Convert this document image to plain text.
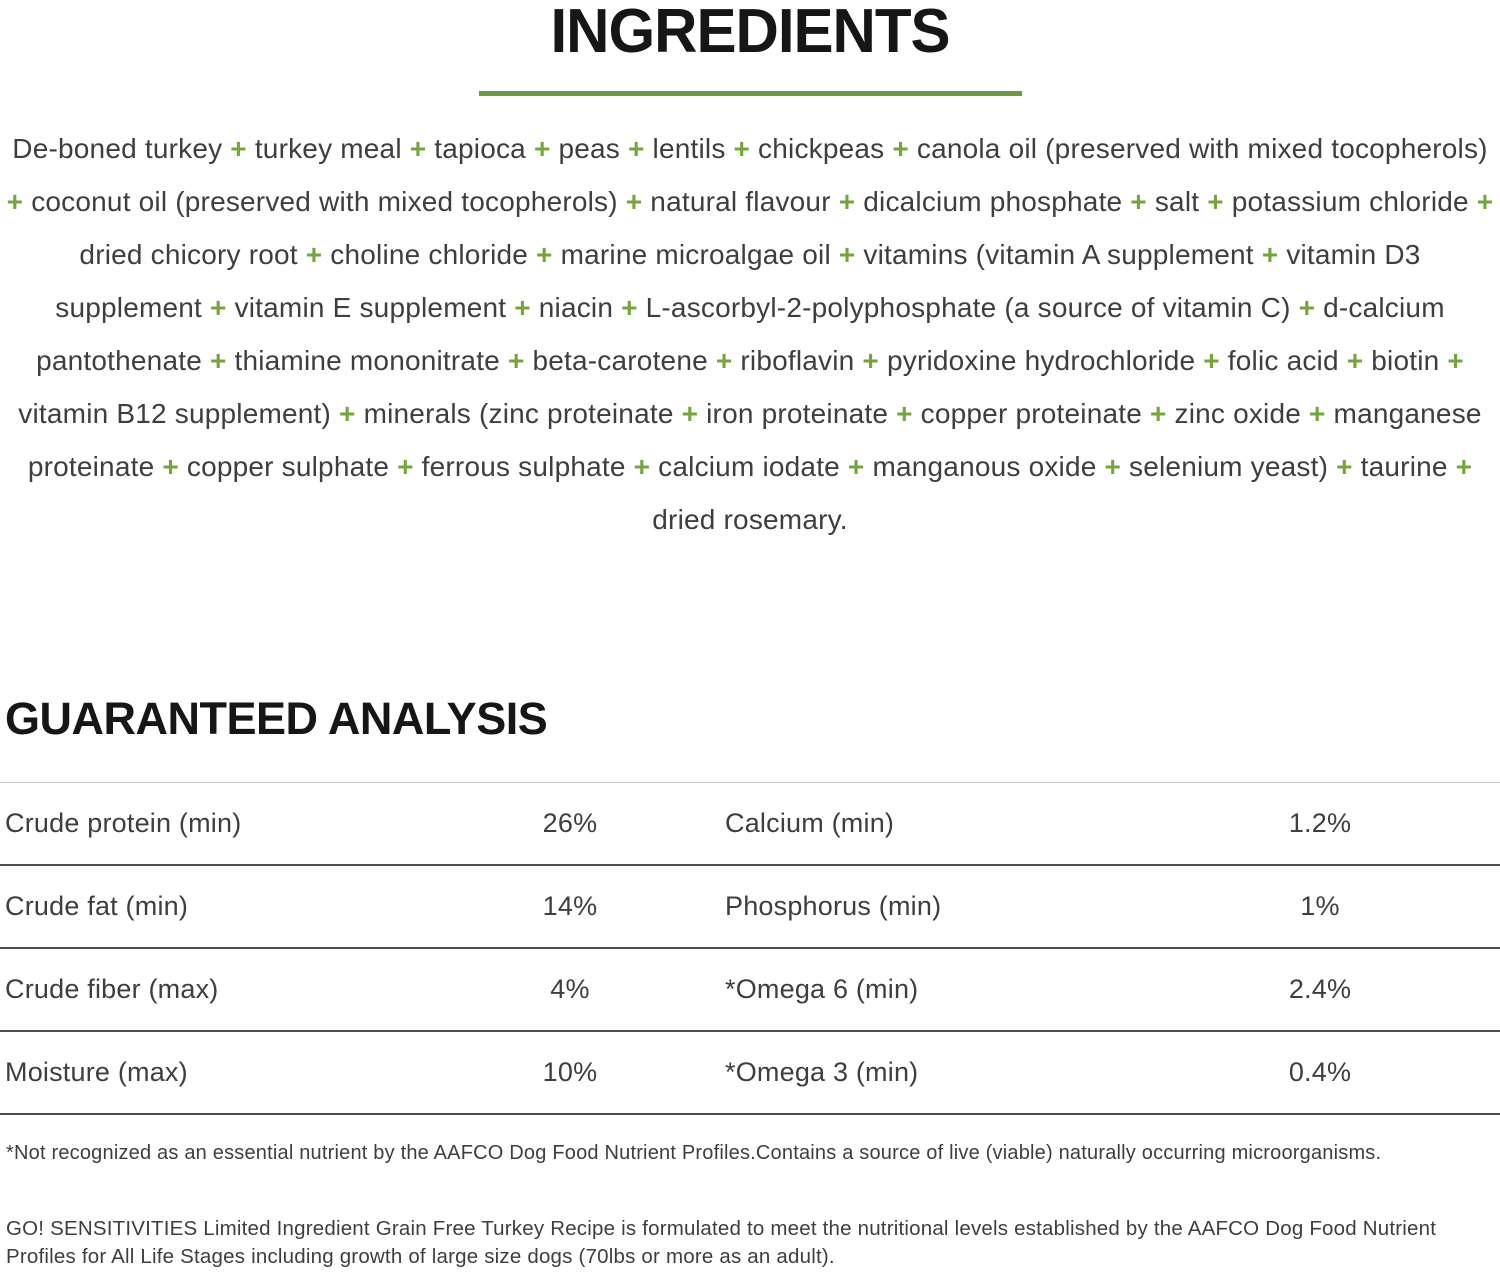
INGREDIENTS
De-boned turkey + turkey meal + tapioca + peas + lentils + chickpeas + canola oil (preserved with mixed tocopherols) + coconut oil (preserved with mixed tocopherols) + natural flavour + dicalcium phosphate + salt + potassium chloride + dried chicory root + choline chloride + marine microalgae oil + vitamins (vitamin A supplement + vitamin D3 supplement + vitamin E supplement + niacin + L-ascorbyl-2-polyphosphate (a source of vitamin C) + d-calcium pantothenate + thiamine mononitrate + beta-carotene + riboflavin + pyridoxine hydrochloride + folic acid + biotin + vitamin B12 supplement) + minerals (zinc proteinate + iron proteinate + copper proteinate + zinc oxide + manganese proteinate + copper sulphate + ferrous sulphate + calcium iodate + manganous oxide + selenium yeast) + taurine + dried rosemary.
GUARANTEED ANALYSIS
Crude protein (min)	26%	Calcium (min)	1.2%
Crude fat (min)	14%	Phosphorus (min)	1%
Crude fiber (max)	4%	*Omega 6 (min)	2.4%
Moisture (max)	10%	*Omega 3 (min)	0.4%
*Not recognized as an essential nutrient by the AAFCO Dog Food Nutrient Profiles.Contains a source of live (viable) naturally occurring microorganisms.
GO! SENSITIVITIES Limited Ingredient Grain Free Turkey Recipe is formulated to meet the nutritional levels established by the AAFCO Dog Food Nutrient Profiles for All Life Stages including growth of large size dogs (70lbs or more as an adult).
